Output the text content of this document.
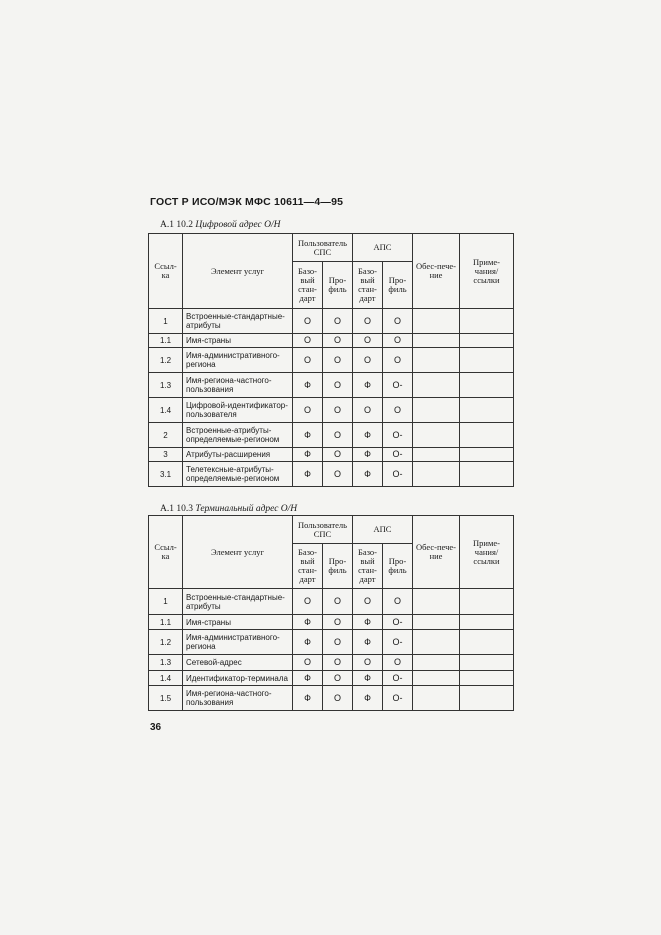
ГОСТ Р ИСО/МЭК МФС 10611—4—95
А.1 10.2 Цифровой адрес О/Н
Ссыл-ка	Элемент услуг	Пользователь СПС		АПС		Обес-пече-ние	Приме-чания/ ссылки
		Базо-вый стан-дарт	Про-филь	Базо-вый стан-дарт	Про-филь		
1	Встроенные-стандартные-атрибуты	О	О	О	О		
1.1	Имя-страны	О	О	О	О		
1.2	Имя-административного-региона	О	О	О	О		
1.3	Имя-региона-частного-пользования	Ф	О	Ф	О-		
1.4	Цифровой-идентификатор-пользователя	О	О	О	О		
2	Встроенные-атрибуты-определяемые-регионом	Ф	О	Ф	О-		
3	Атрибуты-расширения	Ф	О	Ф	О-		
3.1	Телетексные-атрибуты-определяемые-регионом	Ф	О	Ф	О-		
А.1 10.3 Терминальный адрес О/Н
Ссыл-ка	Элемент услуг	Пользователь СПС		АПС		Обес-пече-ние	Приме-чания/ ссылки
		Базо-вый стан-дарт	Про-филь	Базо-вый стан-дарт	Про-филь		
1	Встроенные-стандартные-атрибуты	О	О	О	О		
1.1	Имя-страны	Ф	О	Ф	О-		
1.2	Имя-административного-региона	Ф	О	Ф	О-		
1.3	Сетевой-адрес	О	О	О	О		
1.4	Идентификатор-терминала	Ф	О	Ф	О-		
1.5	Имя-региона-частного-пользования	Ф	О	Ф	О-		
36
